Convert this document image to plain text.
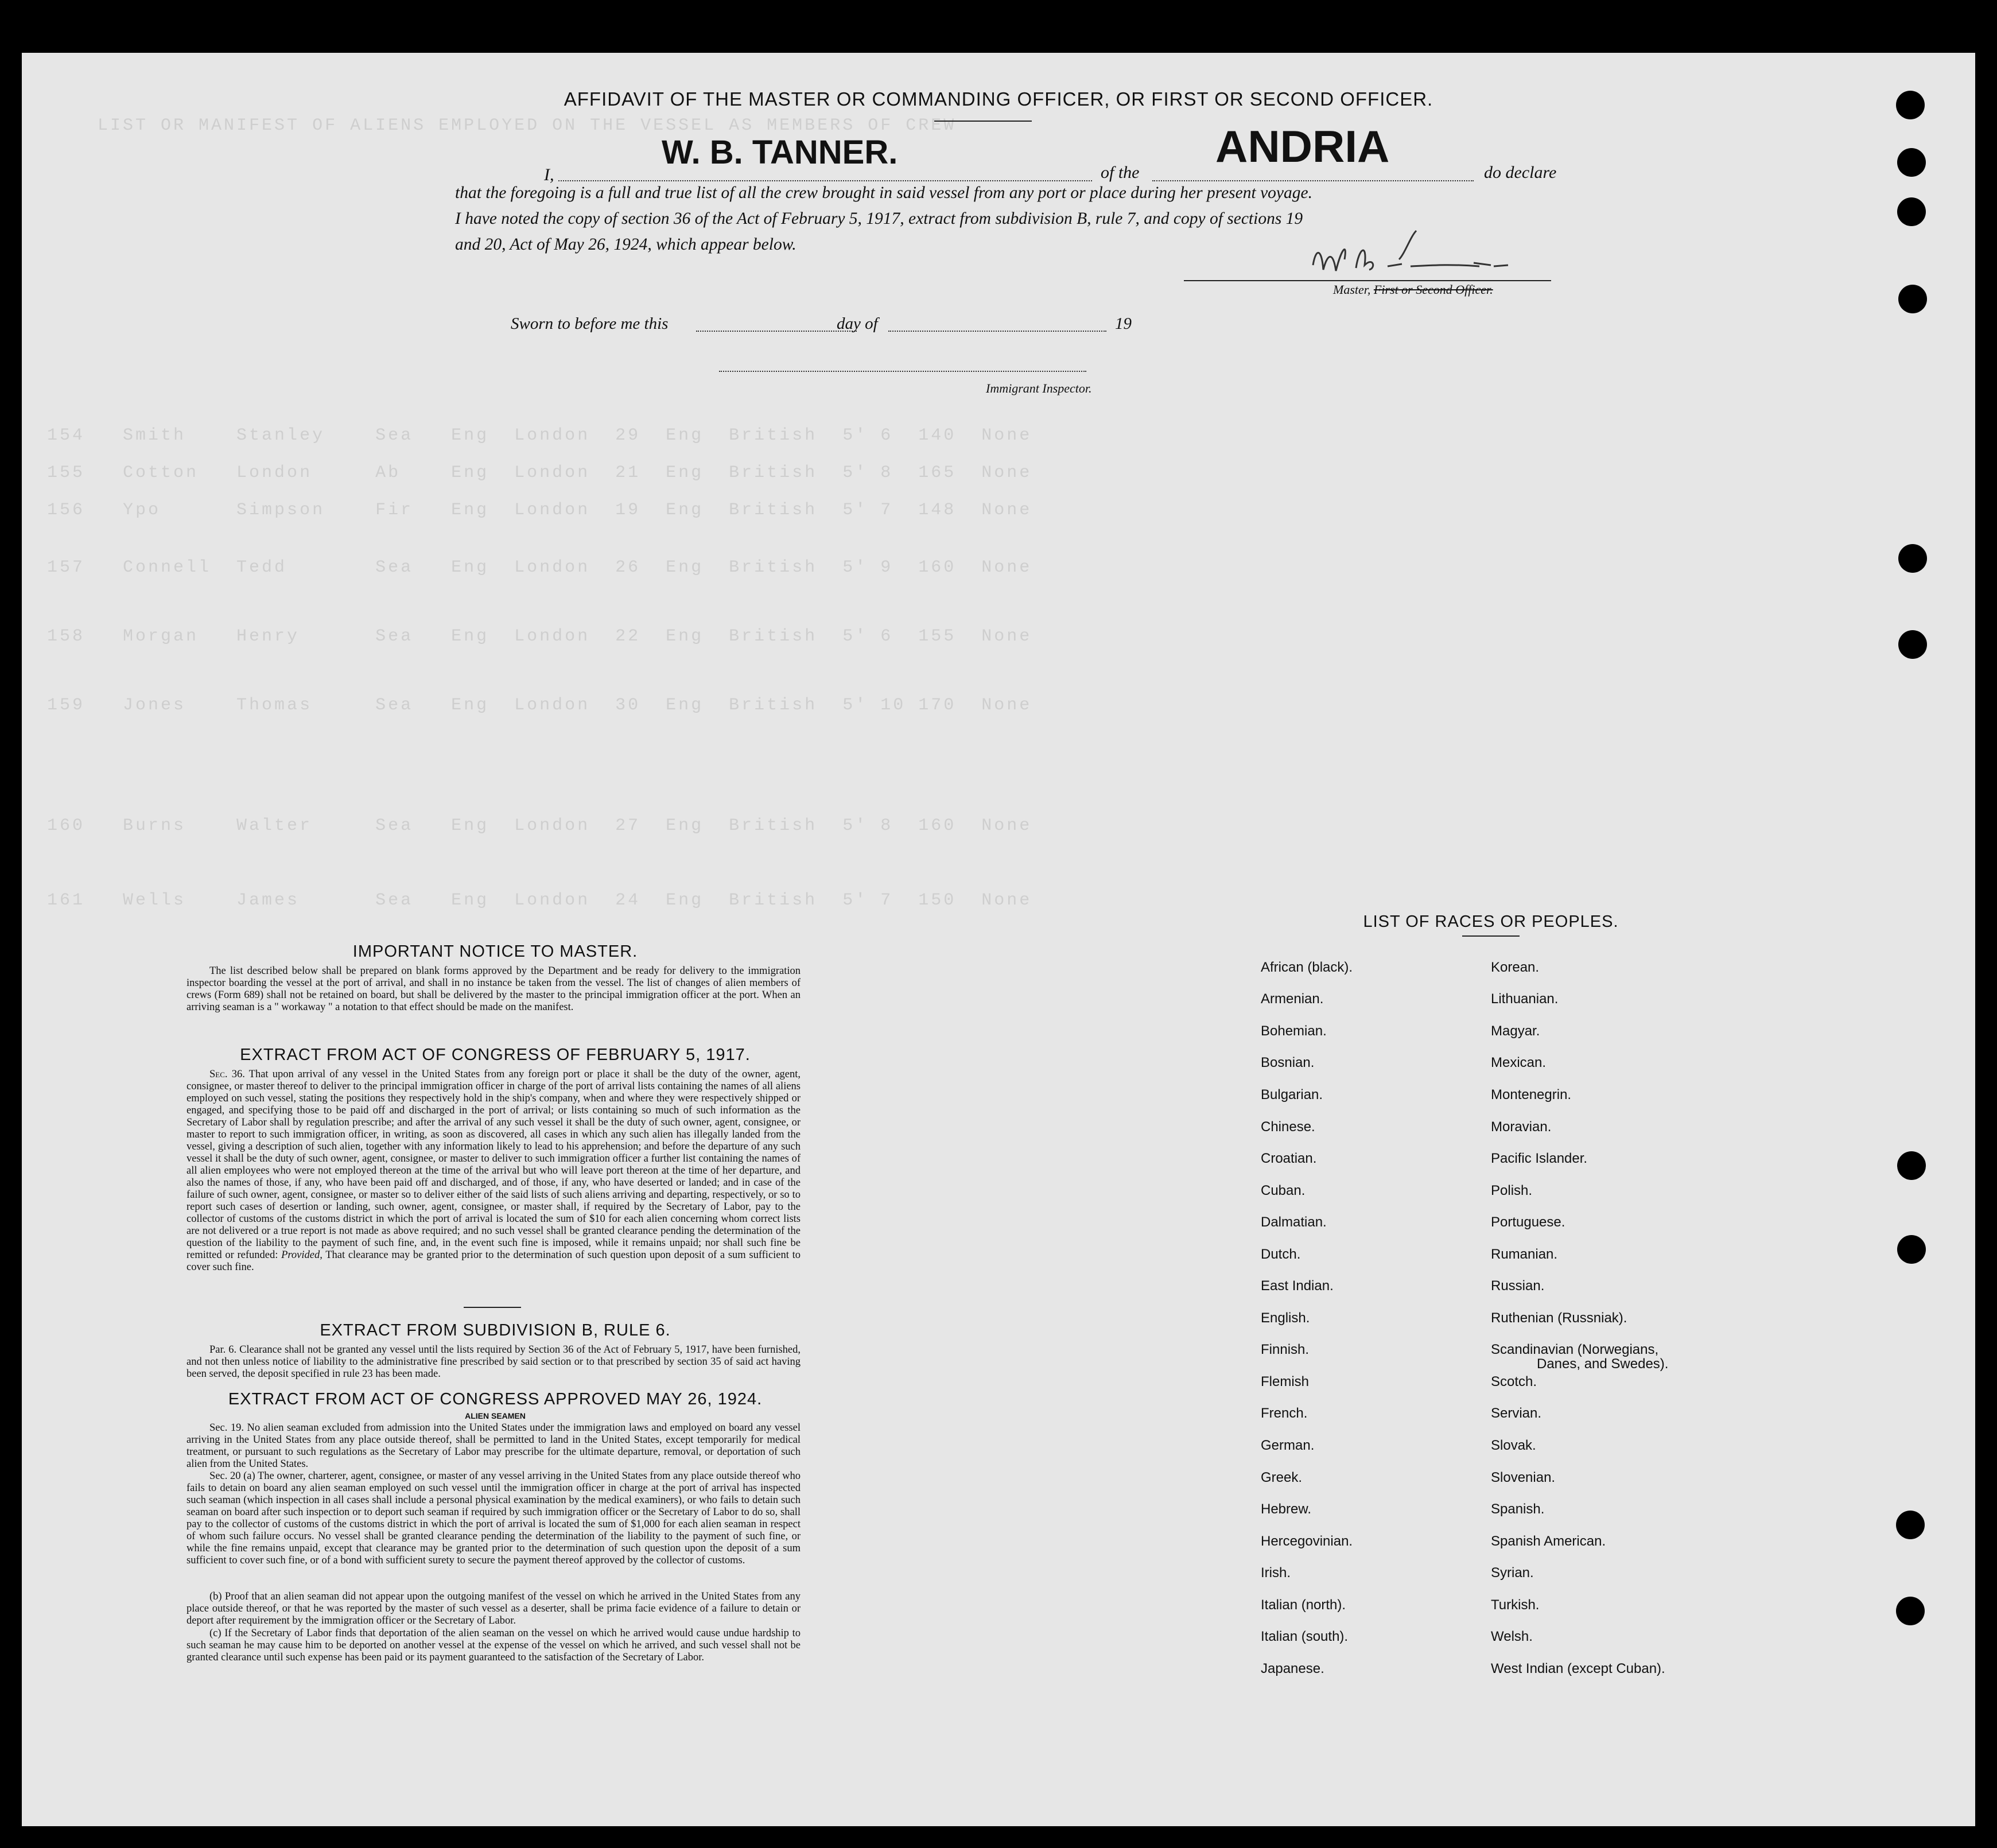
LIST OR MANIFEST OF ALIENS EMPLOYED ON THE VESSEL AS MEMBERS OF CREW
154   Smith    Stanley    Sea   Eng  London  29  Eng  British  5' 6  140  None
155   Cotton   London     Ab    Eng  London  21  Eng  British  5' 8  165  None
156   Ypo      Simpson    Fir   Eng  London  19  Eng  British  5' 7  148  None
157   Connell  Tedd       Sea   Eng  London  26  Eng  British  5' 9  160  None
158   Morgan   Henry      Sea   Eng  London  22  Eng  British  5' 6  155  None
159   Jones    Thomas     Sea   Eng  London  30  Eng  British  5' 10 170  None
160   Burns    Walter     Sea   Eng  London  27  Eng  British  5' 8  160  None
161   Wells    James      Sea   Eng  London  24  Eng  British  5' 7  150  None
AFFIDAVIT OF THE MASTER OR COMMANDING OFFICER, OR FIRST OR SECOND OFFICER.
I,
W. B. TANNER.
of the
ANDRIA
do declare
that the foregoing is a full and true list of all the crew brought in said vessel from any port or place during her present voyage.
I have noted the copy of section 36 of the Act of February 5, 1917, extract from subdivision B, rule 7, and copy of sections 19
and 20, Act of May 26, 1924, which appear below.
Master, First or Second Officer.
Sworn to before me this	day of	19
Immigrant Inspector.
IMPORTANT NOTICE TO MASTER.
The list described below shall be prepared on blank forms approved by the Department and be ready for delivery to the immigration inspector boarding the vessel at the port of arrival, and shall in no instance be taken from the vessel. The list of changes of alien members of crews (Form 689) shall not be retained on board, but shall be delivered by the master to the principal immigration officer at the port. When an arriving seaman is a " workaway " a notation to that effect should be made on the manifest.
EXTRACT FROM ACT OF CONGRESS OF FEBRUARY 5, 1917.
Sec. 36. That upon arrival of any vessel in the United States from any foreign port or place it shall be the duty of the owner, agent, consignee, or master thereof to deliver to the principal immigration officer in charge of the port of arrival lists containing the names of all aliens employed on such vessel, stating the positions they respectively hold in the ship's company, when and where they were respectively shipped or engaged, and specifying those to be paid off and discharged in the port of arrival; or lists containing so much of such information as the Secretary of Labor shall by regulation prescribe; and after the arrival of any such vessel it shall be the duty of such owner, agent, consignee, or master to report to such immigration officer, in writing, as soon as discovered, all cases in which any such alien has illegally landed from the vessel, giving a description of such alien, together with any information likely to lead to his apprehension; and before the departure of any such vessel it shall be the duty of such owner, agent, consignee, or master to deliver to such immigration officer a further list containing the names of all alien employees who were not employed thereon at the time of the arrival but who will leave port thereon at the time of her departure, and also the names of those, if any, who have been paid off and discharged, and of those, if any, who have deserted or landed; and in case of the failure of such owner, agent, consignee, or master so to deliver either of the said lists of such aliens arriving and departing, respectively, or so to report such cases of desertion or landing, such owner, agent, consignee, or master shall, if required by the Secretary of Labor, pay to the collector of customs of the customs district in which the port of arrival is located the sum of $10 for each alien concerning whom correct lists are not delivered or a true report is not made as above required; and no such vessel shall be granted clearance pending the determination of the question of the liability to the payment of such fine, and, in the event such fine is imposed, while it remains unpaid; nor shall such fine be remitted or refunded: Provided, That clearance may be granted prior to the determination of such question upon deposit of a sum sufficient to cover such fine.
EXTRACT FROM SUBDIVISION B, RULE 6.
Par. 6. Clearance shall not be granted any vessel until the lists required by Section 36 of the Act of February 5, 1917, have been furnished, and not then unless notice of liability to the administrative fine prescribed by said section or to that prescribed by section 35 of said act having been served, the deposit specified in rule 23 has been made.
EXTRACT FROM ACT OF CONGRESS APPROVED MAY 26, 1924.
ALIEN SEAMEN
Sec. 19. No alien seaman excluded from admission into the United States under the immigration laws and employed on board any vessel arriving in the United States from any place outside thereof, shall be permitted to land in the United States, except temporarily for medical treatment, or pursuant to such regulations as the Secretary of Labor may prescribe for the ultimate departure, removal, or deportation of such alien from the United States.
Sec. 20 (a) The owner, charterer, agent, consignee, or master of any vessel arriving in the United States from any place outside thereof who fails to detain on board any alien seaman employed on such vessel until the immigration officer in charge at the port of arrival has inspected such seaman (which inspection in all cases shall include a personal physical examination by the medical examiners), or who fails to detain such seaman on board after such inspection or to deport such seaman if required by such immigration officer or the Secretary of Labor to do so, shall pay to the collector of customs of the customs district in which the port of arrival is located the sum of $1,000 for each alien seaman in respect of whom such failure occurs. No vessel shall be granted clearance pending the determination of the liability to the payment of such fine, or while the fine remains unpaid, except that clearance may be granted prior to the determination of such question upon the deposit of a sum sufficient to cover such fine, or of a bond with sufficient surety to secure the payment thereof approved by the collector of customs.
(b) Proof that an alien seaman did not appear upon the outgoing manifest of the vessel on which he arrived in the United States from any place outside thereof, or that he was reported by the master of such vessel as a deserter, shall be prima facie evidence of a failure to detain or deport after requirement by the immigration officer or the Secretary of Labor.
(c) If the Secretary of Labor finds that deportation of the alien seaman on the vessel on which he arrived would cause undue hardship to such seaman he may cause him to be deported on another vessel at the expense of the vessel on which he arrived, and such vessel shall not be granted clearance until such expense has been paid or its payment guaranteed to the satisfaction of the Secretary of Labor.
LIST OF RACES OR PEOPLES.
African (black).
Armenian.
Bohemian.
Bosnian.
Bulgarian.
Chinese.
Croatian.
Cuban.
Dalmatian.
Dutch.
East Indian.
English.
Finnish.
Flemish
French.
German.
Greek.
Hebrew.
Hercegovinian.
Irish.
Italian (north).
Italian (south).
Japanese.
Korean.
Lithuanian.
Magyar.
Mexican.
Montenegrin.
Moravian.
Pacific Islander.
Polish.
Portuguese.
Rumanian.
Russian.
Ruthenian (Russniak).
Scandinavian (Norwegians,
Danes, and Swedes).
Scotch.
Servian.
Slovak.
Slovenian.
Spanish.
Spanish American.
Syrian.
Turkish.
Welsh.
West Indian (except Cuban).
